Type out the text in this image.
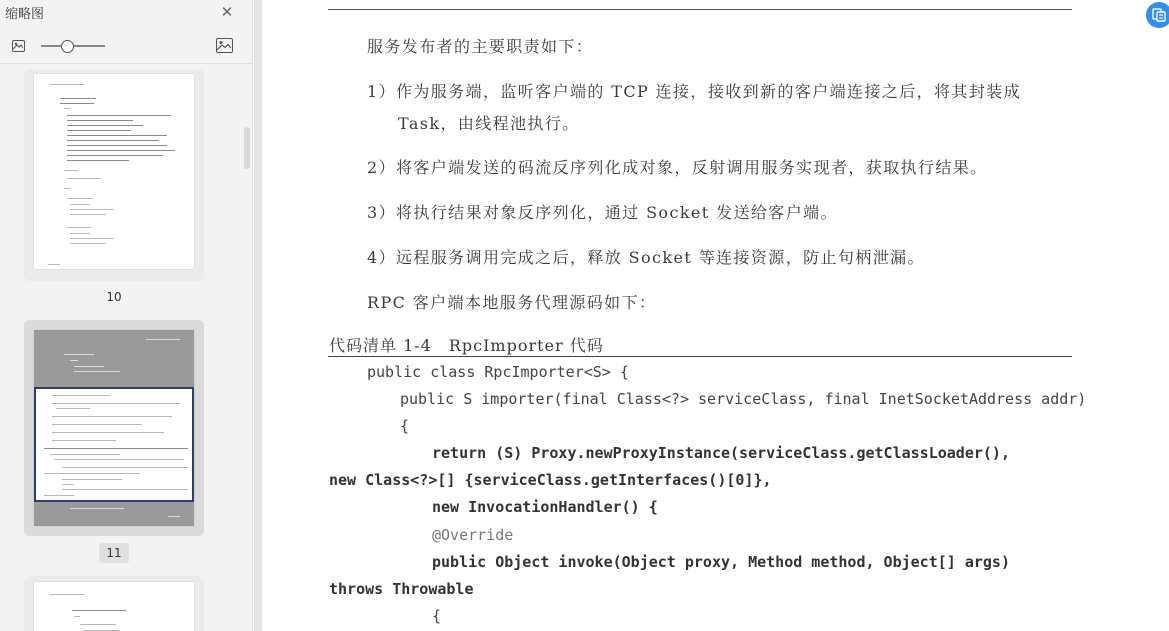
缩略图	✕
10
11
服务发布者的主要职责如下：
1）作为服务端，监听客户端的 TCP 连接，接收到新的客户端连接之后，将其封装成
Task，由线程池执行。
2）将客户端发送的码流反序列化成对象，反射调用服务实现者，获取执行结果。
3）将执行结果对象反序列化，通过 Socket 发送给客户端。
4）远程服务调用完成之后，释放 Socket 等连接资源，防止句柄泄漏。
RPC 客户端本地服务代理源码如下：
代码清单 1-4　RpcImporter 代码
public class RpcImporter<S> {
public S importer(final Class<?> serviceClass, final InetSocketAddress addr)
{
return (S) Proxy.newProxyInstance(serviceClass.getClassLoader(),
new Class<?>[] {serviceClass.getInterfaces()[0]},
new InvocationHandler() {
@Override
public Object invoke(Object proxy, Method method, Object[] args)
throws Throwable
{
